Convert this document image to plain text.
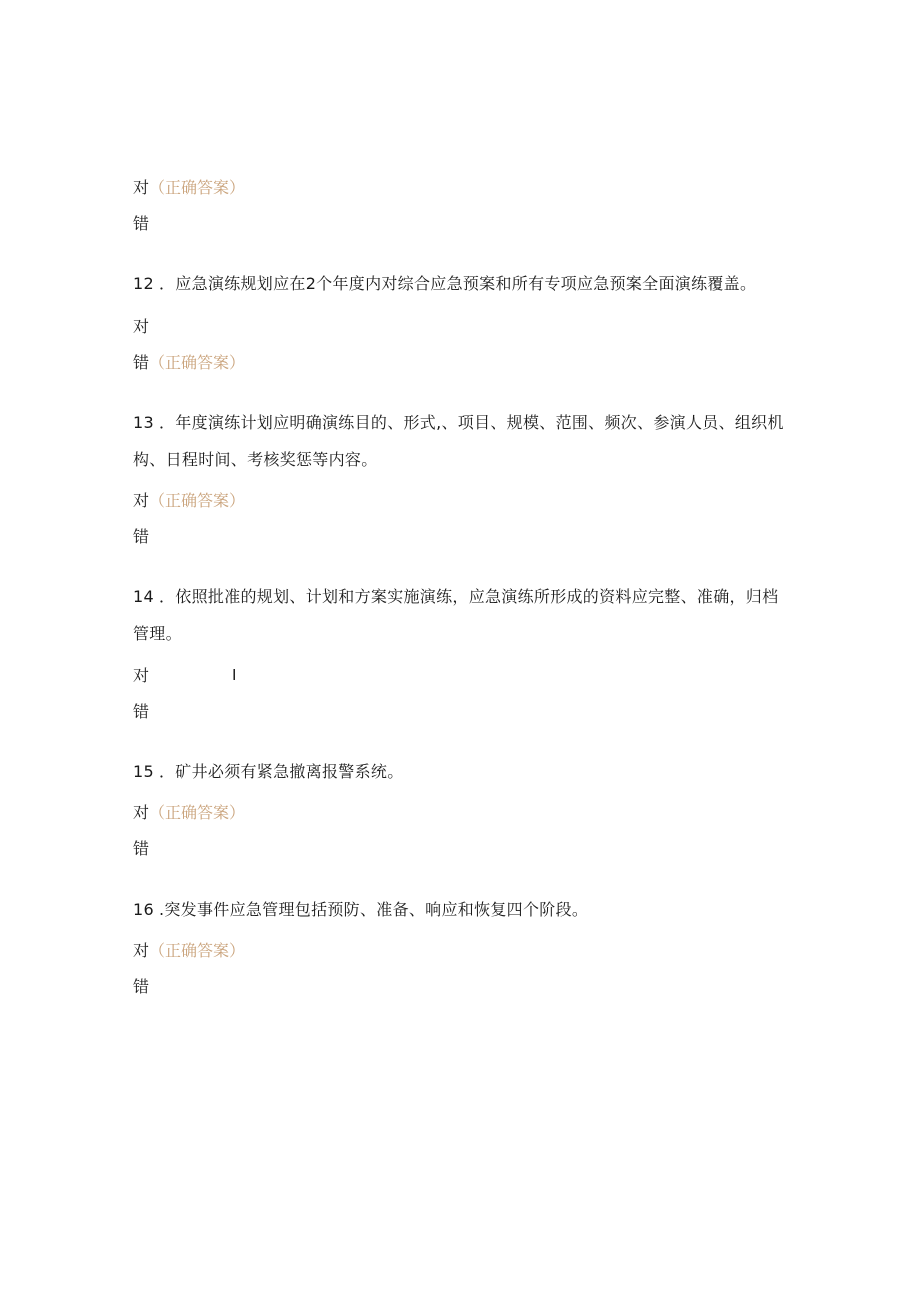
对（正确答案）
错
12 ．应急演练规划应在2个年度内对综合应急预案和所有专项应急预案全面演练覆盖。
对
错（正确答案）
13 ．年度演练计划应明确演练目的、形式,、项目、规模、范围、频次、参演人员、组织机构、日程时间、考核奖惩等内容。
对（正确答案）
错
14 ．依照批准的规划、计划和方案实施演练，应急演练所形成的资料应完整、准确，归档管理。
对	I
错
15 ．矿井必须有紧急撤离报警系统。
对（正确答案）
错
16 .突发事件应急管理包括预防、准备、响应和恢复四个阶段。
对（正确答案）
错
